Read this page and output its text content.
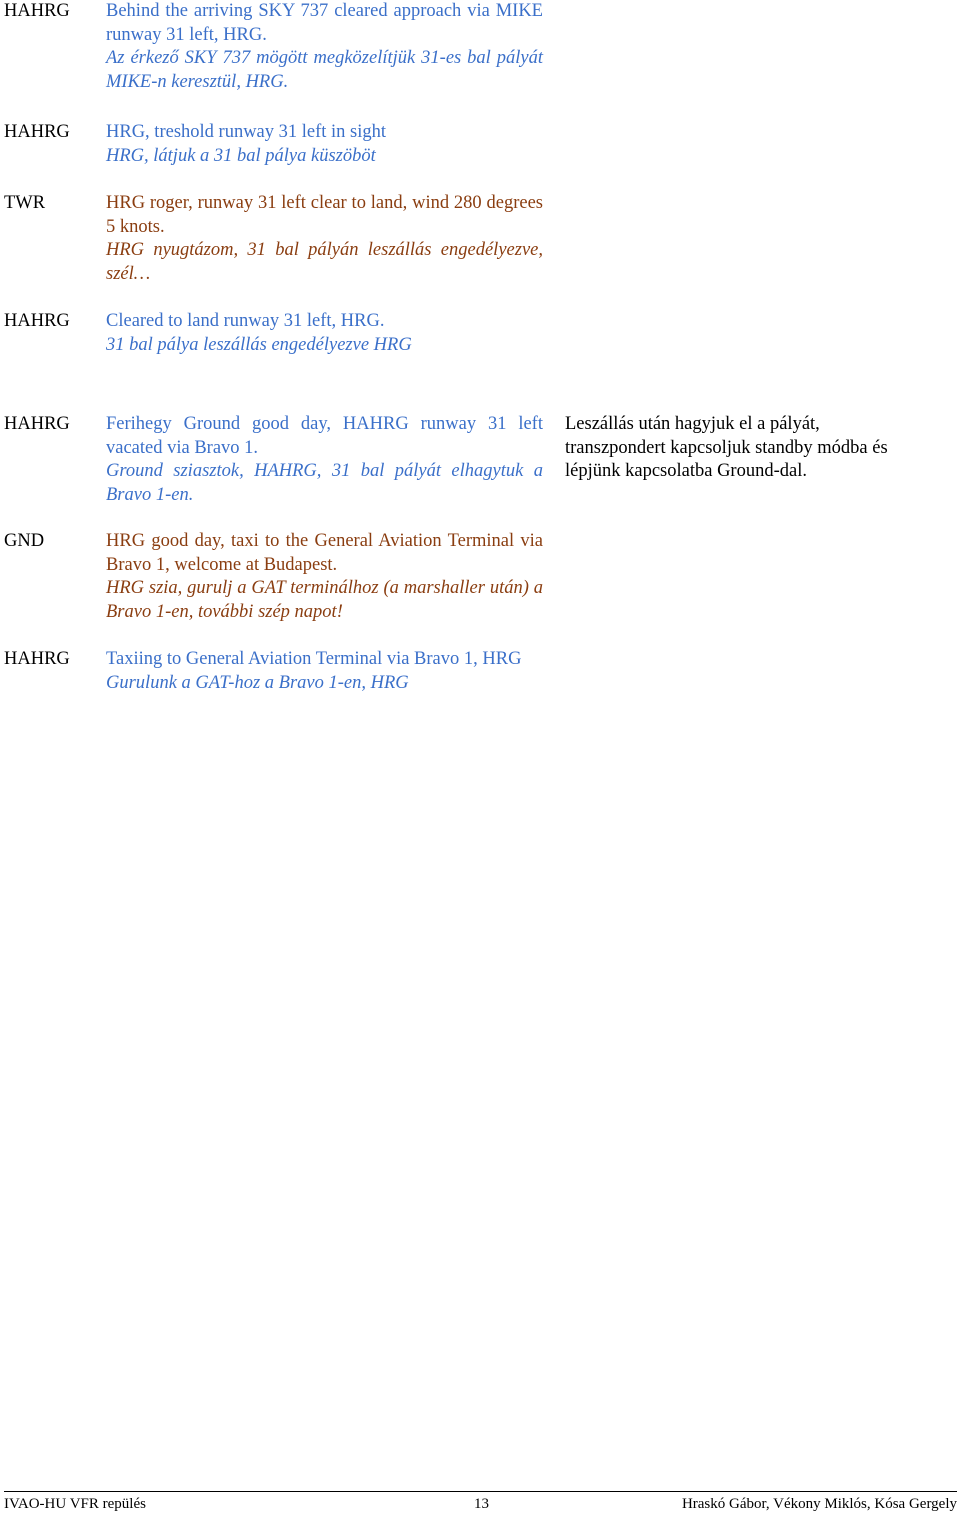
HAHRG Behind the arriving SKY 737 cleared approach via MIKE runway 31 left, HRG.

Az érkező SKY 737 mögött megközelítjük 31-es bal pályát MIKE-n keresztül, HRG.

HAHRG HRG, treshold runway 31 left in sight

HRG, látjuk a 31 bal pálya küszöböt

TWR	HRG roger, runway 31 left clear to land, wind 280 degrees 5 knots.

HRG nyugtázom, 31 bal pályán leszállás engedélyezve, szél…

HAHRG Cleared to land runway 31 left, HRG.

31 bal pálya leszállás engedélyezve HRG

HAHRG Ferihegy Ground good day, HAHRG runway 31 left vacated via Bravo 1.

Ground sziasztok, HAHRG, 31 bal pályát elhagytuk a Bravo 1-en.

Leszállás után hagyjuk el a pályát, transzpondert kapcsoljuk standby módba és lépjünk kapcsolatba Ground-dal.
GND	HRG good day, taxi to the General Aviation Terminal via Bravo 1, welcome at Budapest.

HRG szia, gurulj a GAT terminálhoz (a marshaller után) a Bravo 1-en, további szép napot!

HAHRG Taxiing to General Aviation Terminal via Bravo 1, HRG

Gurulunk a GAT-hoz a Bravo 1-en, HRG

IVAO-HU VFR repülés	13	Hraskó Gábor, Vékony Miklós, Kósa Gergely
